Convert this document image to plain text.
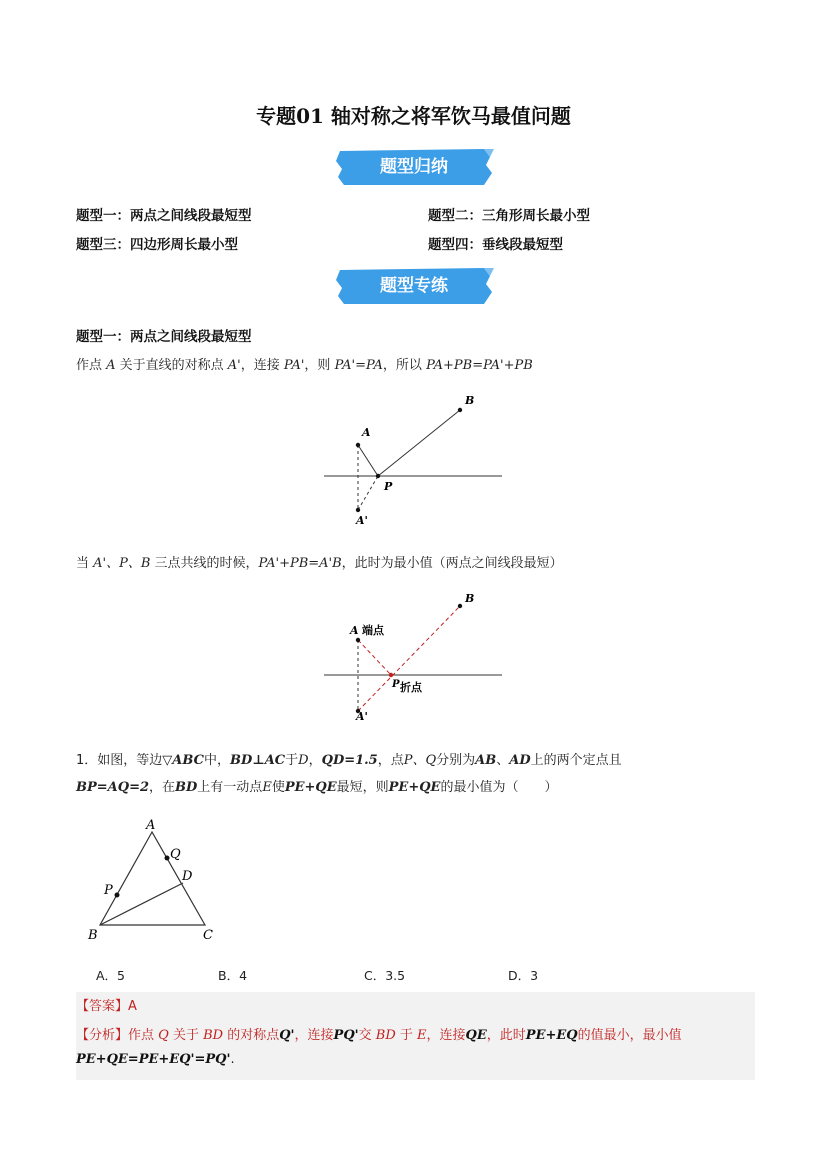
专题01 轴对称之将军饮马最值问题
题型归纳
题型一：两点之间线段最短型	题型二：三角形周长最小型
题型三：四边形周长最小型	题型四：垂线段最短型
题型专练
题型一：两点之间线段最短型
作点 A 关于直线的对称点 A'，连接 PA'，则 PA'=PA，所以 PA+PB=PA'+PB
A
B
P
A'
当 A'、P、B 三点共线的时候，PA'+PB=A'B，此时为最小值（两点之间线段最短）
A 端点
B
P 折点
A'
1．如图，等边▽ABC中，BD⊥AC于D，QD=1.5，点P、Q分别为AB、AD上的两个定点且
BP=AQ=2，在BD上有一动点E使PE+QE最短，则PE+QE的最小值为（　　）
A
B	C
D
P
Q
A．5	B．4	C．3.5	D．3
【答案】A
【分析】作点 Q 关于 BD 的对称点Q'，连接PQ'交 BD 于 E，连接QE，此时PE+EQ的值最小，最小值
PE+QE=PE+EQ'=PQ'.
